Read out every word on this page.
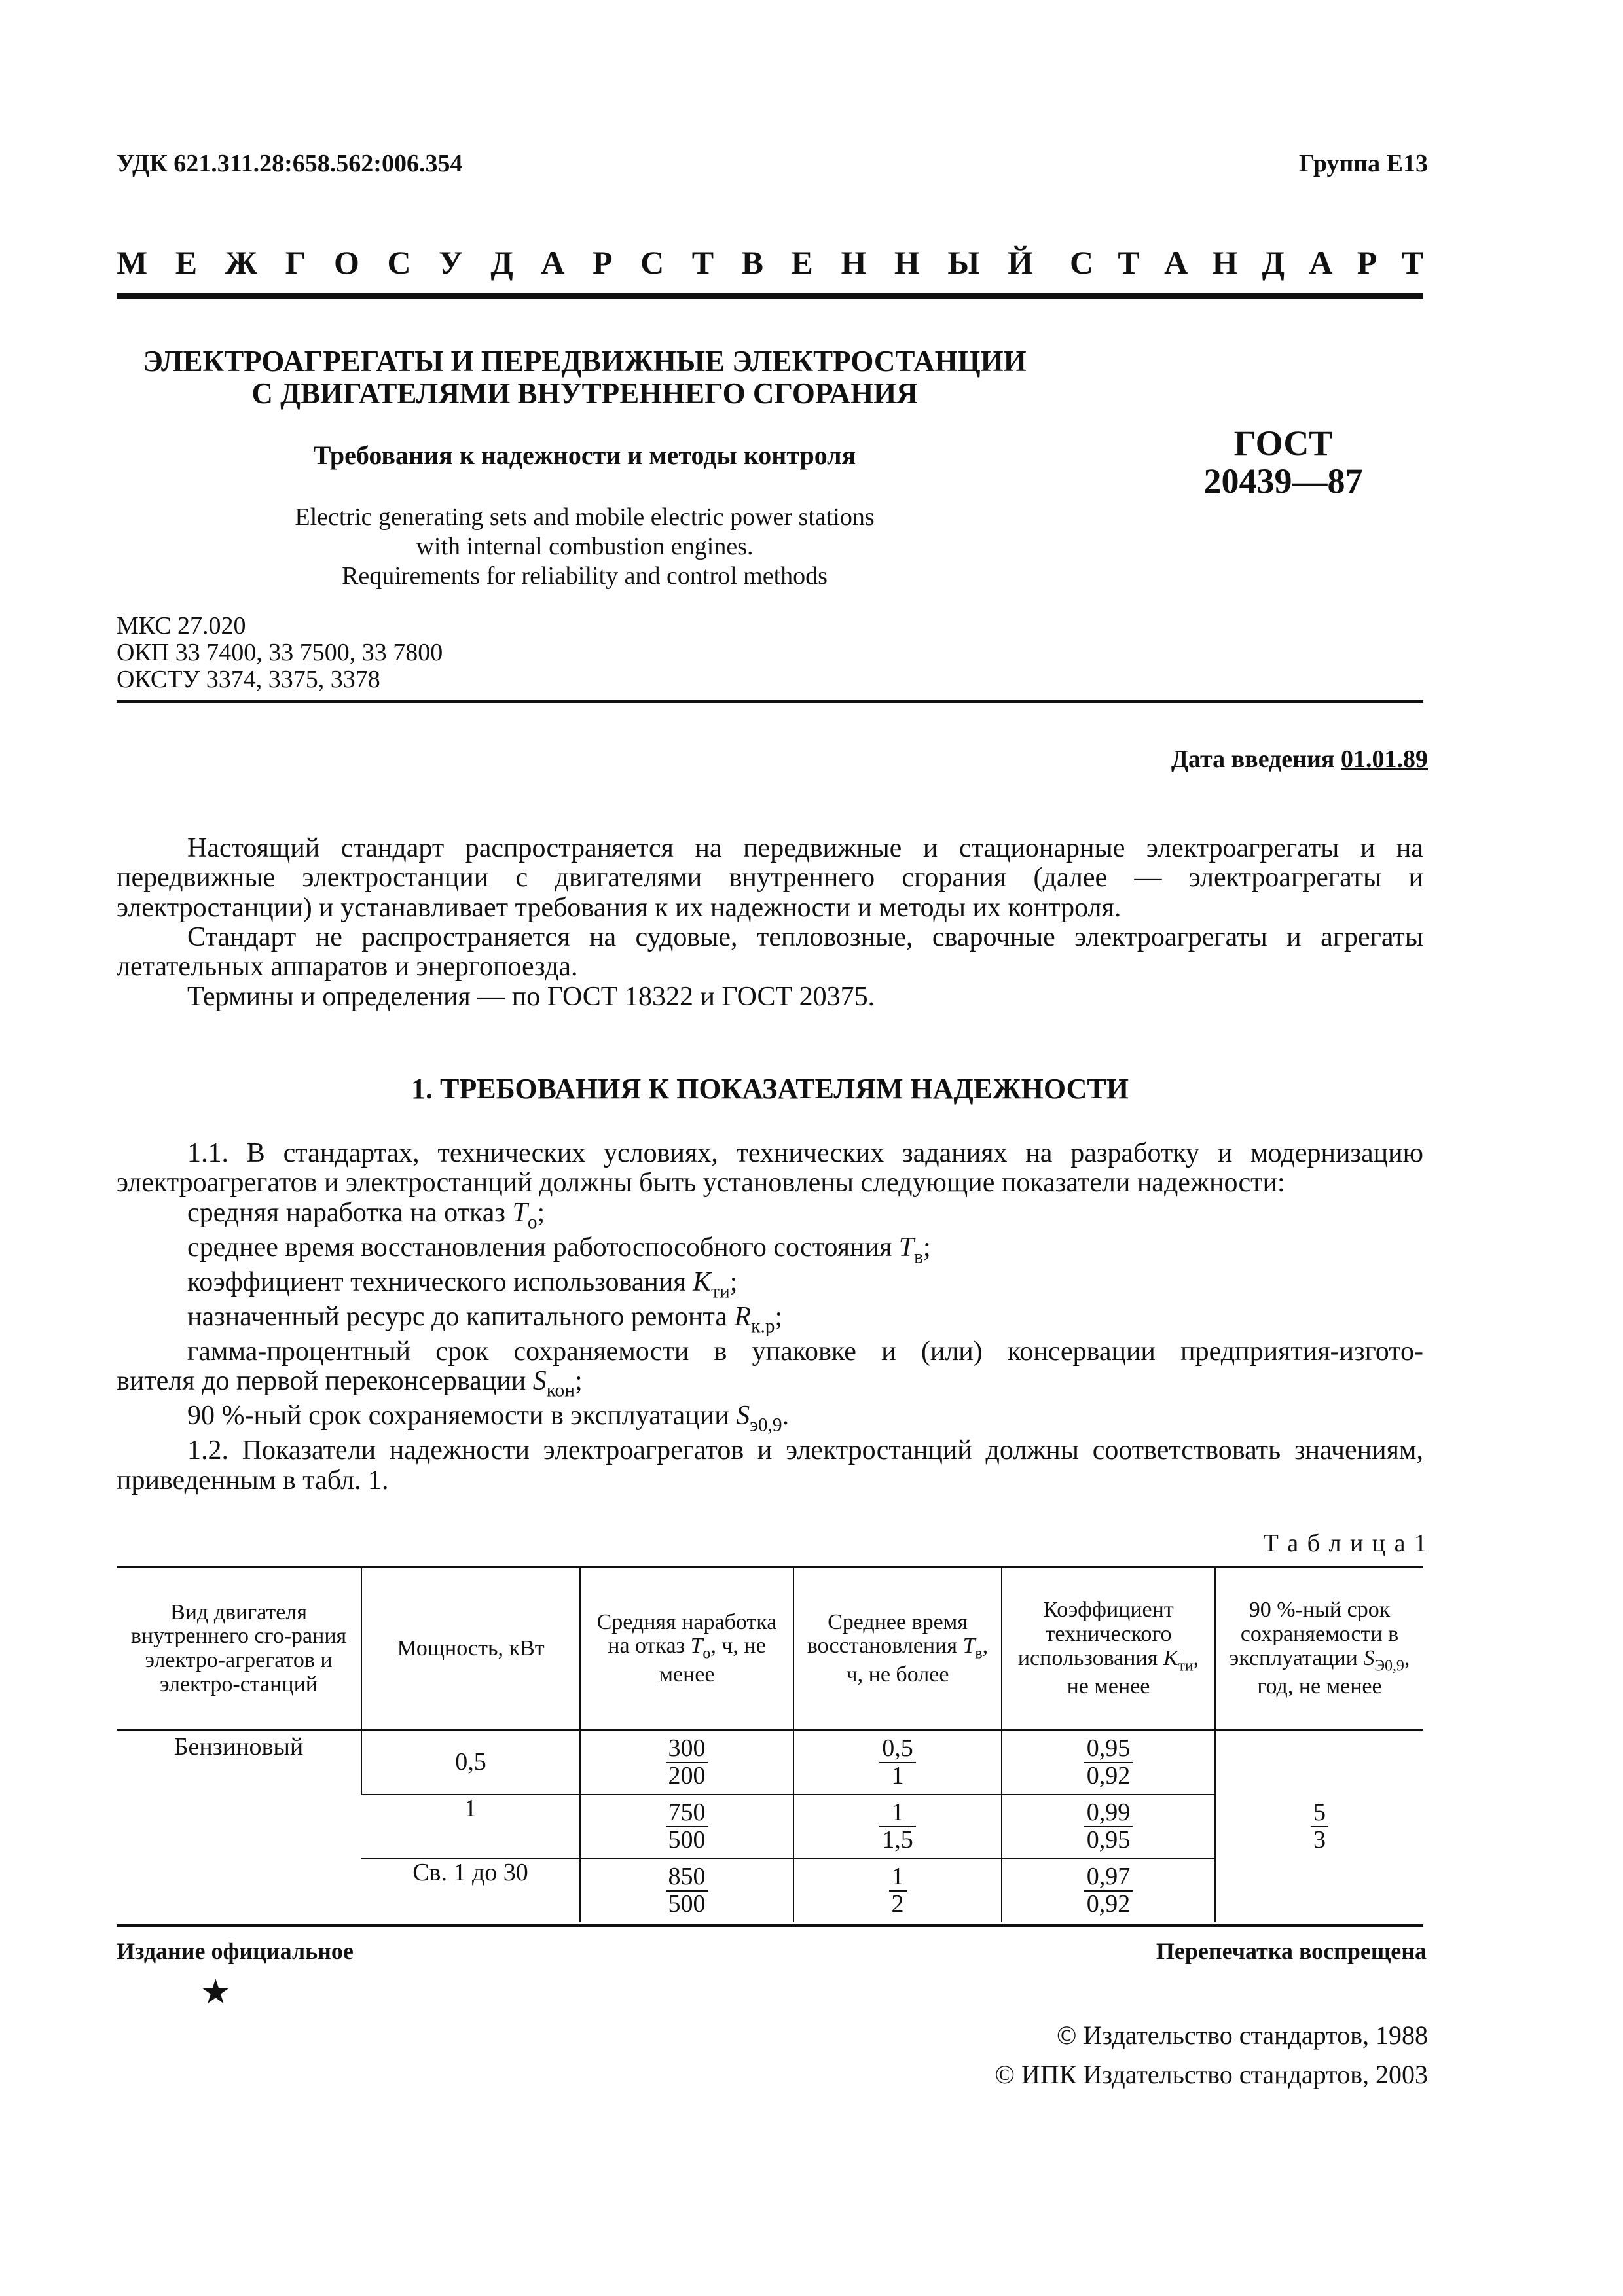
УДК 621.311.28:658.562:006.354	Группа Е13
М Е Ж Г О С У Д А Р С Т В Е Н Н Ы Й С Т А Н Д А Р Т
ЭЛЕКТРОАГРЕГАТЫ И ПЕРЕДВИЖНЫЕ ЭЛЕКТРОСТАНЦИИ
С ДВИГАТЕЛЯМИ ВНУТРЕННЕГО СГОРАНИЯ
Требования к надежности и методы контроля
Electric generating sets and mobile electric power stations
with internal combustion engines.
Requirements for reliability and control methods
ГОСТ
20439—87
МКС 27.020
ОКП 33 7400, 33 7500, 33 7800
ОКСТУ 3374, 3375, 3378
Дата введения 01.01.89

Настоящий стандарт распространяется на передвижные и стационарные электроагрегаты и на передвижные электростанции с двигателями внутреннего сгорания (далее — электроагрегаты и электростанции) и устанавливает требования к их надежности и методы их контроля.

Стандарт не распространяется на судовые, тепловозные, сварочные электроагрегаты и агрегаты летательных аппаратов и энергопоезда.

Термины и определения — по ГОСТ 18322 и ГОСТ 20375.

1. ТРЕБОВАНИЯ К ПОКАЗАТЕЛЯМ НАДЕЖНОСТИ

1.1. В стандартах, технических условиях, технических заданиях на разработку и модернизацию электроагрегатов и электростанций должны быть установлены следующие показатели надежности:

средняя наработка на отказ $T_о$;
среднее время восстановления работоспособного состояния $T_в$;
коэффициент технического использования $K_{ти}$;
назначенный ресурс до капитального ремонта $R_{к.р}$;
гамма-процентный срок сохраняемости в упаковке и (или) консервации предприятия-изгото-
вителя до первой переконсервации $S_{кон}$;
90 %-ный срок сохраняемости в эксплуатации $S_{э0,9}$.

1.2. Показатели надежности электроагрегатов и электростанций должны соответствовать значениям, приведенным в табл. 1.

Т а б л и ц а 1
Вид двигателя внутреннего сго-рания электро-агрегатов и электро-станций	Мощность, кВт	Средняя наработка на отказ $T_о$, ч, не менее	Среднее время восстановления $T_в$, ч, не более	Коэффициент технического использования $K_{ти}$, не менее	90 %-ный срок сохраняемости в эксплуатации $S_{Э0,9}$, год, не менее

Бензиновый	0,5	$\frac{300}{200}$	$\frac{0,5}{1}$	$\frac{0,95}{0,92}$	$\frac{5}{3}$

	1	$\frac{750}{500}$	$\frac{1}{1,5}$	$\frac{0,99}{0,95}$

	Св. 1 до 30	$\frac{850}{500}$	$\frac{1}{2}$	$\frac{0,97}{0,92}$
Издание официальное	Перепечатка воспрещена
★
© Издательство стандартов, 1988
© ИПК Издательство стандартов, 2003
